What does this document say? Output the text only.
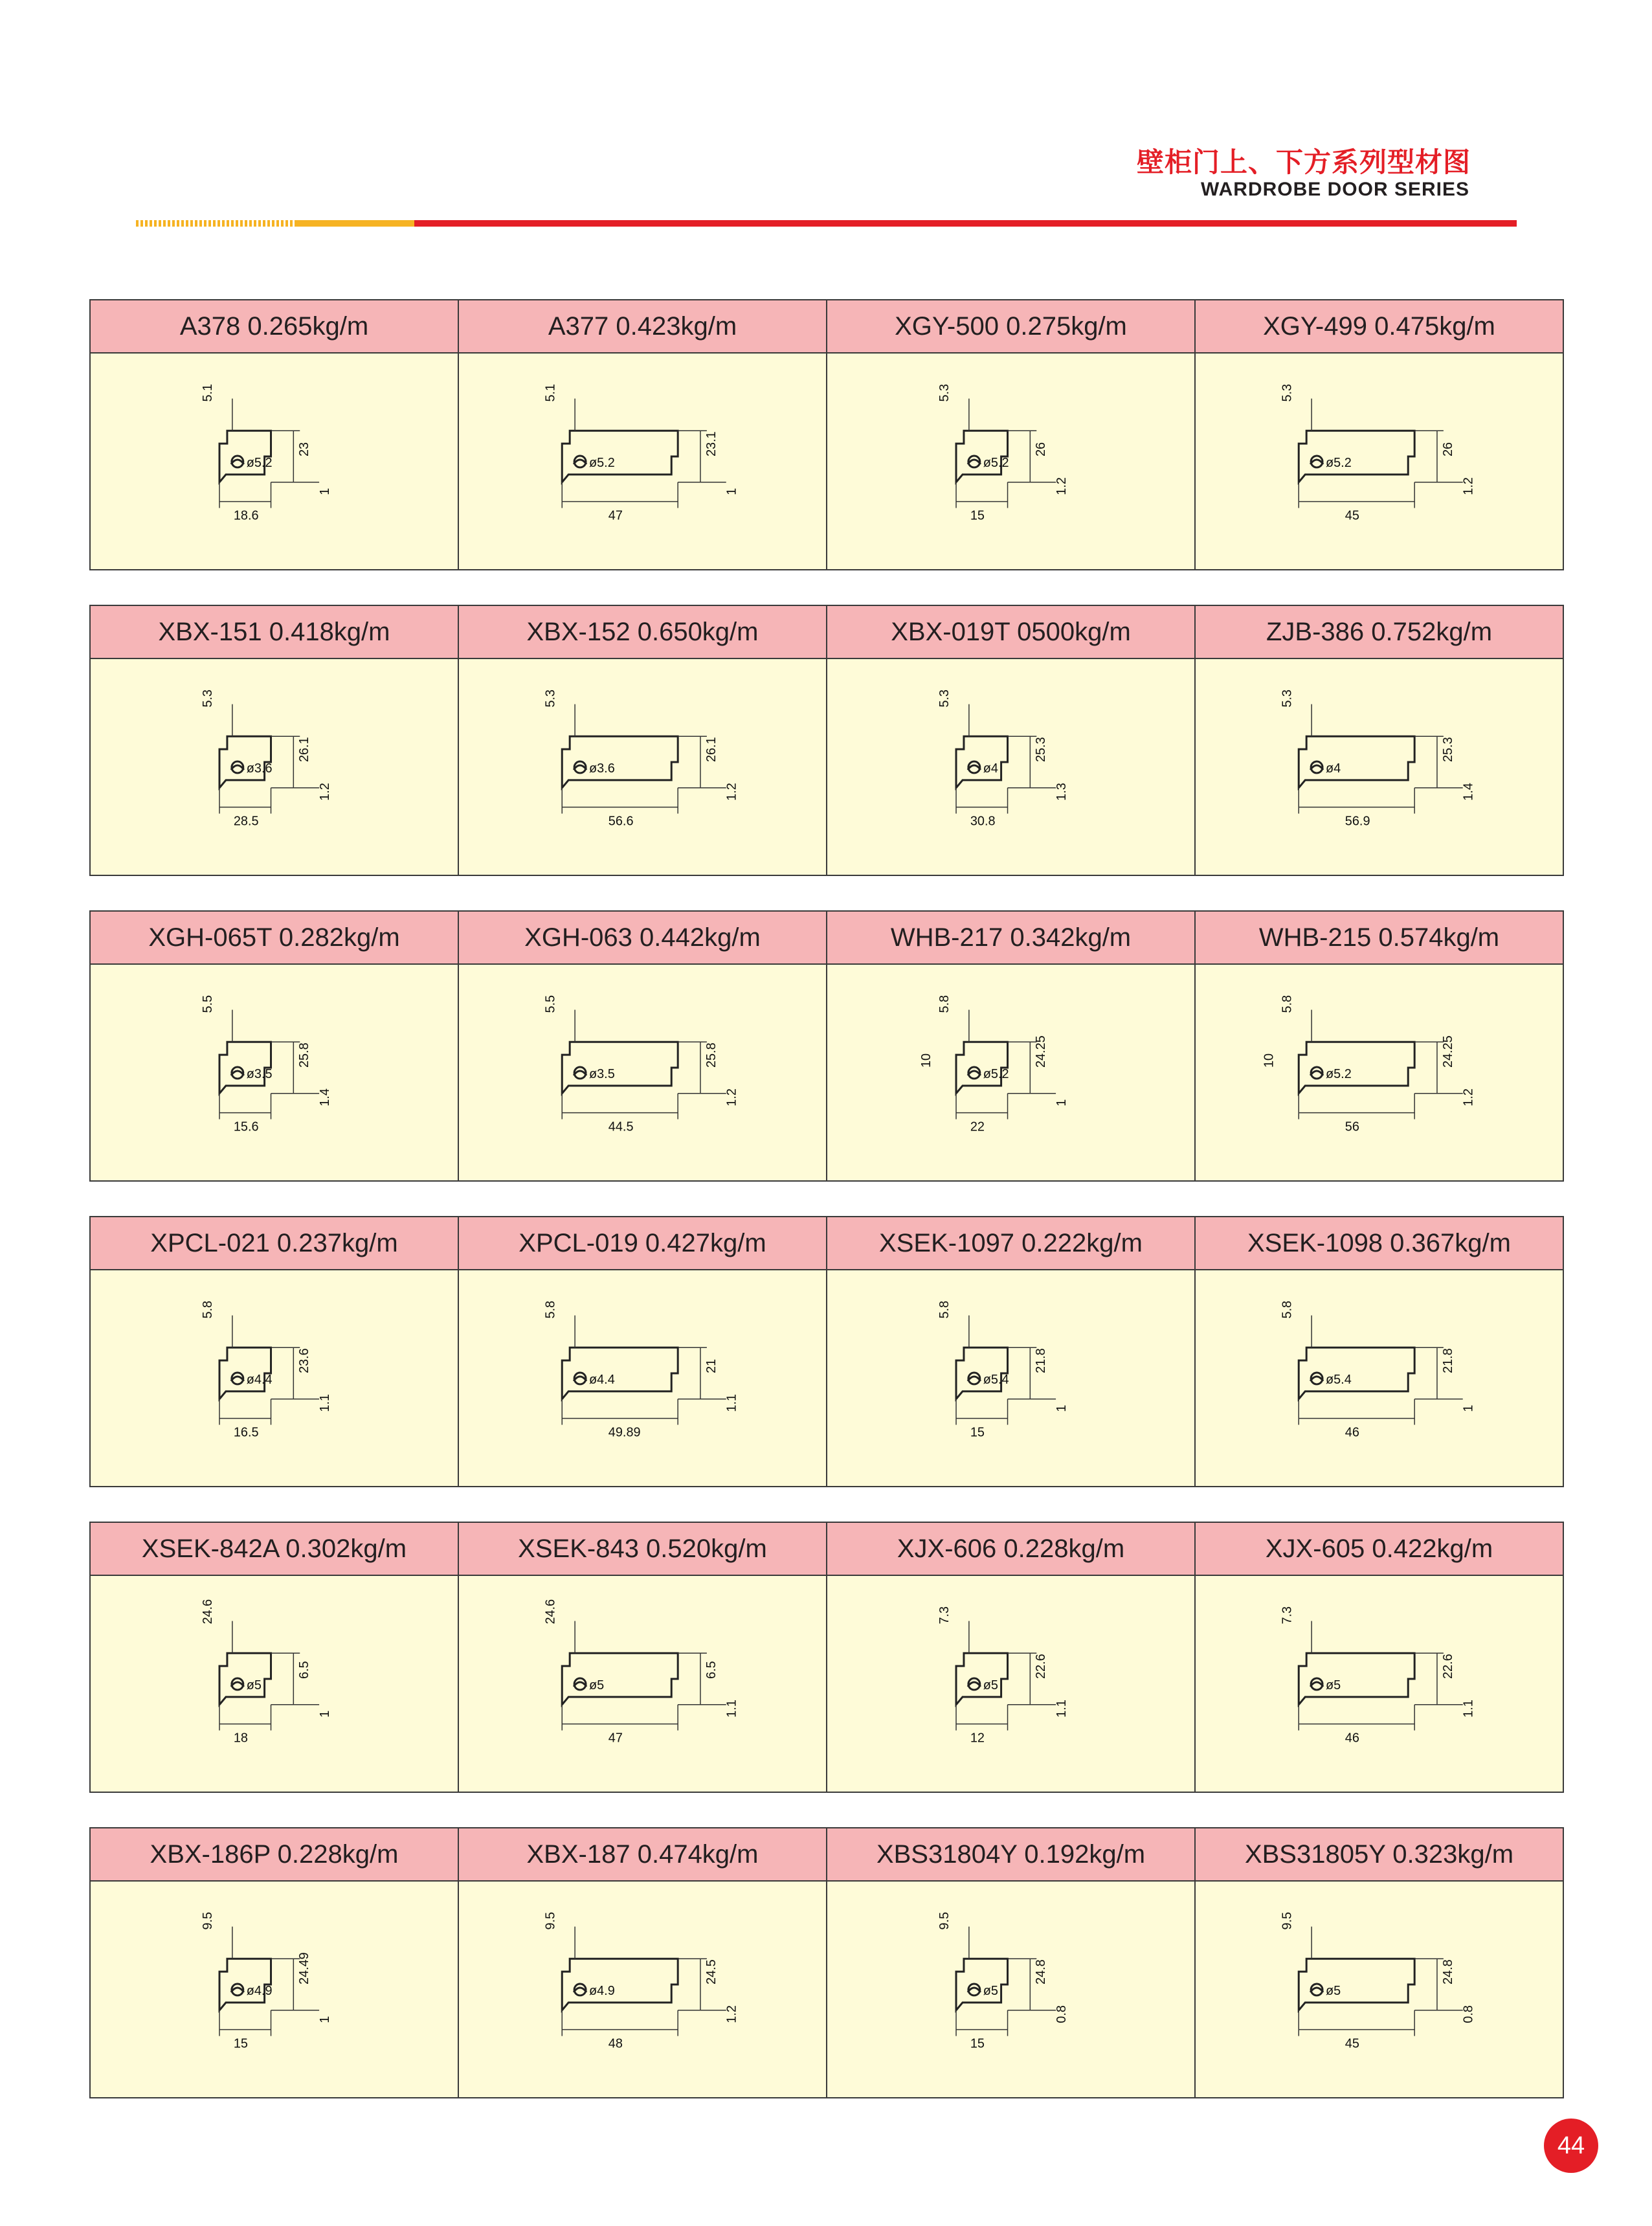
壁柜门上、下方系列型材图
WARDROBE DOOR SERIES
A378 0.265kg/m
5.1
23
ø5.2
18.6
1
A377 0.423kg/m
5.1
23.1
ø5.2
47
1
XGY-500 0.275kg/m
5.3
26
ø5.2
15
1.2
XGY-499 0.475kg/m
5.3
26
ø5.2
45
1.2
XBX-151 0.418kg/m
5.3
26.1
ø3.6
28.5
1.2
XBX-152 0.650kg/m
5.3
26.1
ø3.6
56.6
1.2
XBX-019T 0500kg/m
5.3
25.3
ø4
30.8
1.3
ZJB-386 0.752kg/m
5.3
25.3
ø4
56.9
1.4
XGH-065T 0.282kg/m
5.5
25.8
ø3.5
15.6
1.4
XGH-063 0.442kg/m
5.5
25.8
ø3.5
44.5
1.2
WHB-217 0.342kg/m
5.8
24.25
10
ø5.2
22
1
WHB-215 0.574kg/m
5.8
24.25
10
ø5.2
56
1.2
XPCL-021 0.237kg/m
5.8
23.6
ø4.4
16.5
1.1
XPCL-019 0.427kg/m
5.8
21
ø4.4
49.89
1.1
XSEK-1097 0.222kg/m
5.8
21.8
ø5.4
15
1
XSEK-1098 0.367kg/m
5.8
21.8
ø5.4
46
1
XSEK-842A 0.302kg/m
24.6
6.5
ø5
18
1
XSEK-843 0.520kg/m
24.6
6.5
ø5
47
1.1
XJX-606 0.228kg/m
7.3
22.6
ø5
12
1.1
XJX-605 0.422kg/m
7.3
22.6
ø5
46
1.1
XBX-186P 0.228kg/m
9.5
24.49
ø4.9
15
1
XBX-187 0.474kg/m
9.5
24.5
ø4.9
48
1.2
XBS31804Y 0.192kg/m
9.5
24.8
ø5
15
0.8
XBS31805Y 0.323kg/m
9.5
24.8
ø5
45
0.8
44
